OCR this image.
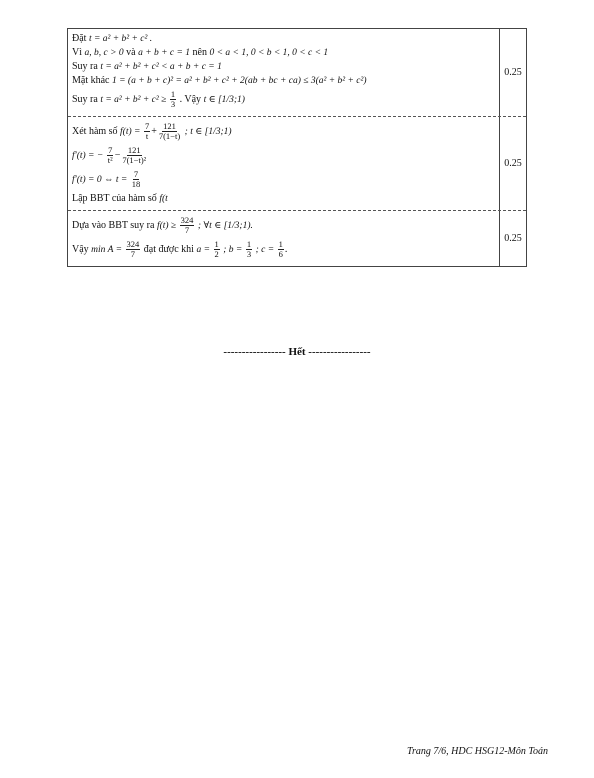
Đặt t = a² + b² + c² .
Vì a, b, c > 0 và a + b + c = 1 nên 0 < a < 1, 0 < b < 1, 0 < c < 1
Suy ra t = a² + b² + c² < a + b + c = 1
Mặt khác 1 = (a + b + c)² = a² + b² + c² + 2(ab + bc + ca) ≤ 3(a² + b² + c²)
Suy ra $t = a^2 + b^2 + c^2 \ge \frac{1}{3}$ . Vậy t ∈ [1/3;1)
0.25
Xét hàm số $f(t) = \frac{7}{t} + \frac{121}{7(1-t)}$ ; t ∈ [1/3;1)
f′(t) = − $\frac{7}{\text{t²}} - \frac{121}{\text{7(1−t)²}}$
f′(t) = 0 ⇔ $t = \frac{7}{18}$
Lập BBT của hàm số f(t
0.25
Dựa vào BBT suy ra $f(t) \ge \frac{324}{7}$ ; ∀t ∈ [1/3;1).
Vậy $\min A = \frac{324}{7}$ đạt được khi $a = \frac{1}{2}$ ; $b = \frac{1}{3}$ ; $c = \frac{1}{6}$ .
0.25
----------------- Hết -----------------
Trang 7/6, HDC HSG12-Môn Toán
